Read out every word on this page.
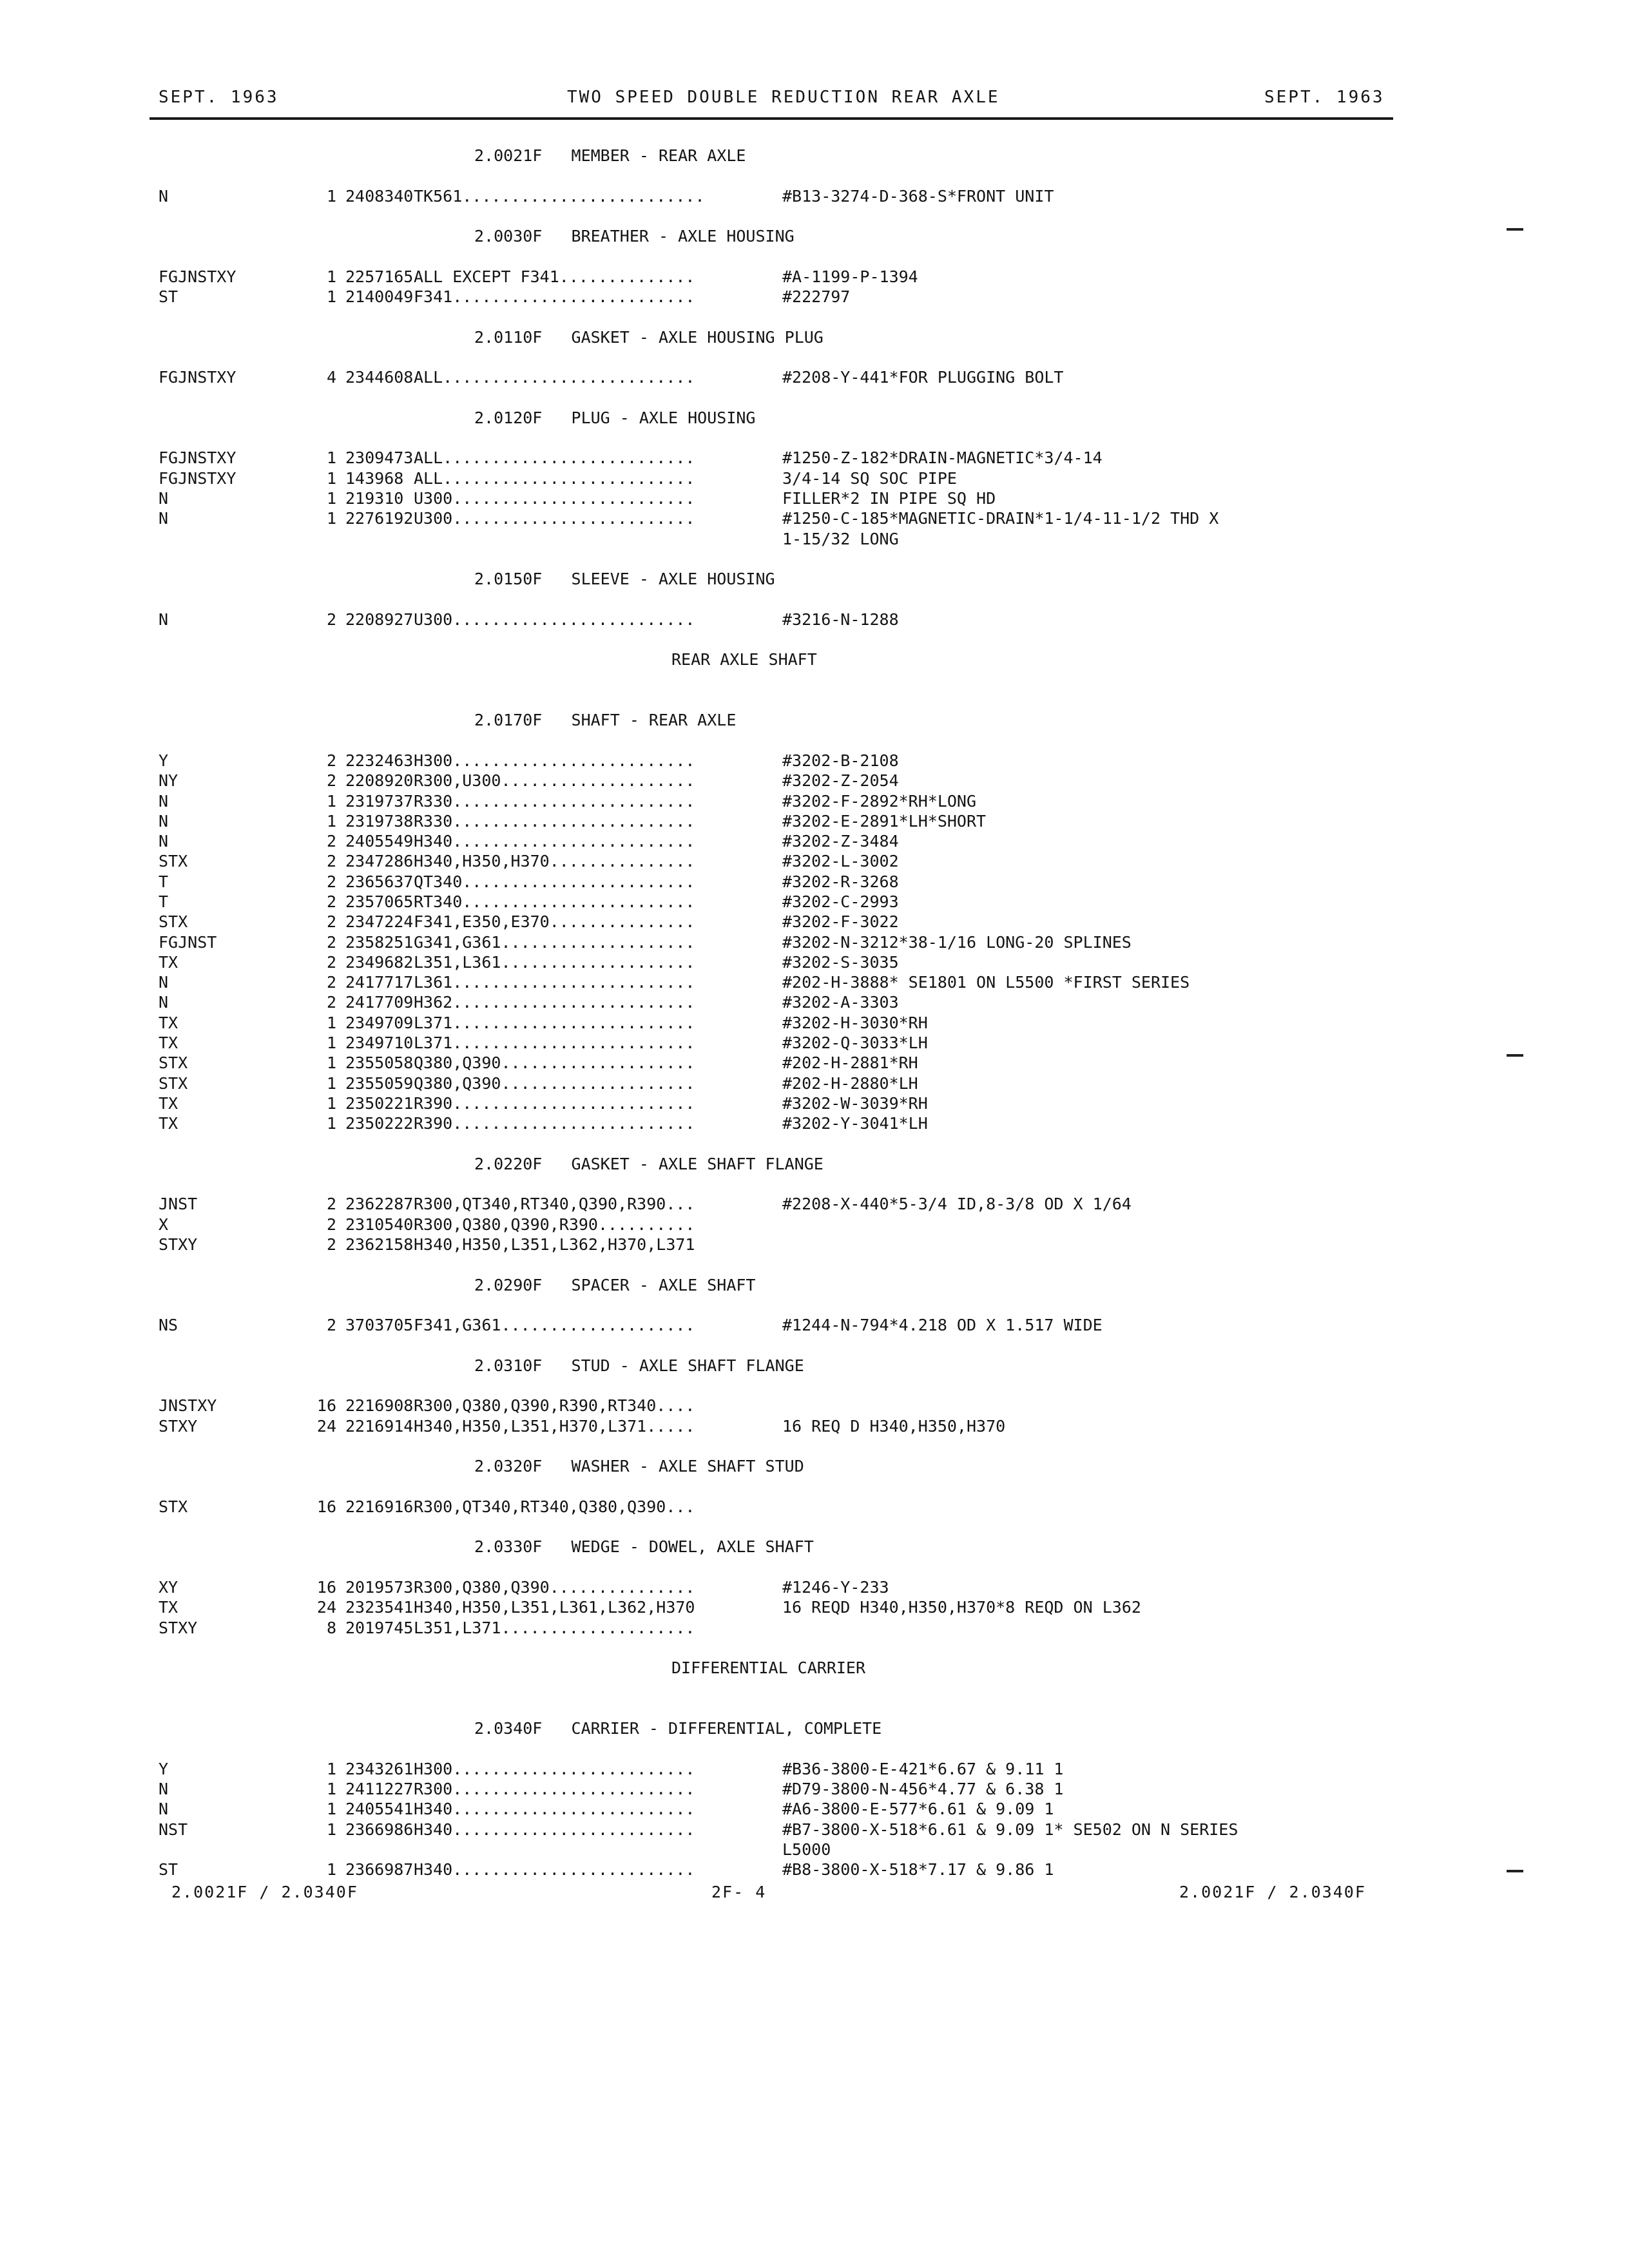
SEPT. 1963	TWO SPEED DOUBLE REDUCTION REAR AXLE	SEPT. 1963
2.0021F   MEMBER - REAR AXLE
N	1 2408340 TK561.........................	#B13-3274-D-368-S*FRONT UNIT
2.0030F   BREATHER - AXLE HOUSING
FGJNSTXY	1 2257165 ALL EXCEPT F341..............	#A-1199-P-1394
ST	1 2140049 F341.........................	#222797
2.0110F   GASKET - AXLE HOUSING PLUG
FGJNSTXY	4 2344608 ALL..........................	#2208-Y-441*FOR PLUGGING BOLT
2.0120F   PLUG - AXLE HOUSING
FGJNSTXY	1 2309473 ALL..........................	#1250-Z-182*DRAIN-MAGNETIC*3/4-14
FGJNSTXY	1 143968 ALL..........................	3/4-14 SQ SOC PIPE
N	1 219310 U300.........................	FILLER*2 IN PIPE SQ HD
N	1 2276192 U300.........................	#1250-C-185*MAGNETIC-DRAIN*1-1/4-11-1/2 THD X
1-15/32 LONG
2.0150F   SLEEVE - AXLE HOUSING
N	2 2208927 U300.........................	#3216-N-1288
REAR AXLE SHAFT
2.0170F   SHAFT - REAR AXLE
Y	2 2232463 H300.........................	#3202-B-2108
NY	2 2208920 R300,U300....................	#3202-Z-2054
N	1 2319737 R330.........................	#3202-F-2892*RH*LONG
N	1 2319738 R330.........................	#3202-E-2891*LH*SHORT
N	2 2405549 H340.........................	#3202-Z-3484
STX	2 2347286 H340,H350,H370...............	#3202-L-3002
T	2 2365637 QT340........................	#3202-R-3268
T	2 2357065 RT340........................	#3202-C-2993
STX	2 2347224 F341,E350,E370...............	#3202-F-3022
FGJNST	2 2358251 G341,G361....................	#3202-N-3212*38-1/16 LONG-20 SPLINES
TX	2 2349682 L351,L361....................	#3202-S-3035
N	2 2417717 L361.........................	#202-H-3888* SE1801 ON L5500 *FIRST SERIES
N	2 2417709 H362.........................	#3202-A-3303
TX	1 2349709 L371.........................	#3202-H-3030*RH
TX	1 2349710 L371.........................	#3202-Q-3033*LH
STX	1 2355058 Q380,Q390....................	#202-H-2881*RH
STX	1 2355059 Q380,Q390....................	#202-H-2880*LH
TX	1 2350221 R390.........................	#3202-W-3039*RH
TX	1 2350222 R390.........................	#3202-Y-3041*LH
2.0220F   GASKET - AXLE SHAFT FLANGE
JNST	2 2362287 R300,QT340,RT340,Q390,R390...	#2208-X-440*5-3/4 ID,8-3/8 OD X 1/64
X	2 2310540 R300,Q380,Q390,R390..........
STXY	2 2362158 H340,H350,L351,L362,H370,L371
2.0290F   SPACER - AXLE SHAFT
NS	2 3703705 F341,G361....................	#1244-N-794*4.218 OD X 1.517 WIDE
2.0310F   STUD - AXLE SHAFT FLANGE
JNSTXY	16 2216908 R300,Q380,Q390,R390,RT340....
STXY	24 2216914 H340,H350,L351,H370,L371.....	16 REQ D H340,H350,H370
2.0320F   WASHER - AXLE SHAFT STUD
STX	16 2216916 R300,QT340,RT340,Q380,Q390...
2.0330F   WEDGE - DOWEL, AXLE SHAFT
XY	16 2019573 R300,Q380,Q390...............	#1246-Y-233
TX	24 2323541 H340,H350,L351,L361,L362,H370	16 REQD H340,H350,H370*8 REQD ON L362
STXY	8 2019745 L351,L371....................
DIFFERENTIAL CARRIER
2.0340F   CARRIER - DIFFERENTIAL, COMPLETE
Y	1 2343261 H300.........................	#B36-3800-E-421*6.67 & 9.11 1
N	1 2411227 R300.........................	#D79-3800-N-456*4.77 & 6.38 1
N	1 2405541 H340.........................	#A6-3800-E-577*6.61 & 9.09 1
NST	1 2366986 H340.........................	#B7-3800-X-518*6.61 & 9.09 1* SE502 ON N SERIES
L5000
ST	1 2366987 H340.........................	#B8-3800-X-518*7.17 & 9.86 1
2.0021F / 2.0340F	2F- 4	2.0021F / 2.0340F
